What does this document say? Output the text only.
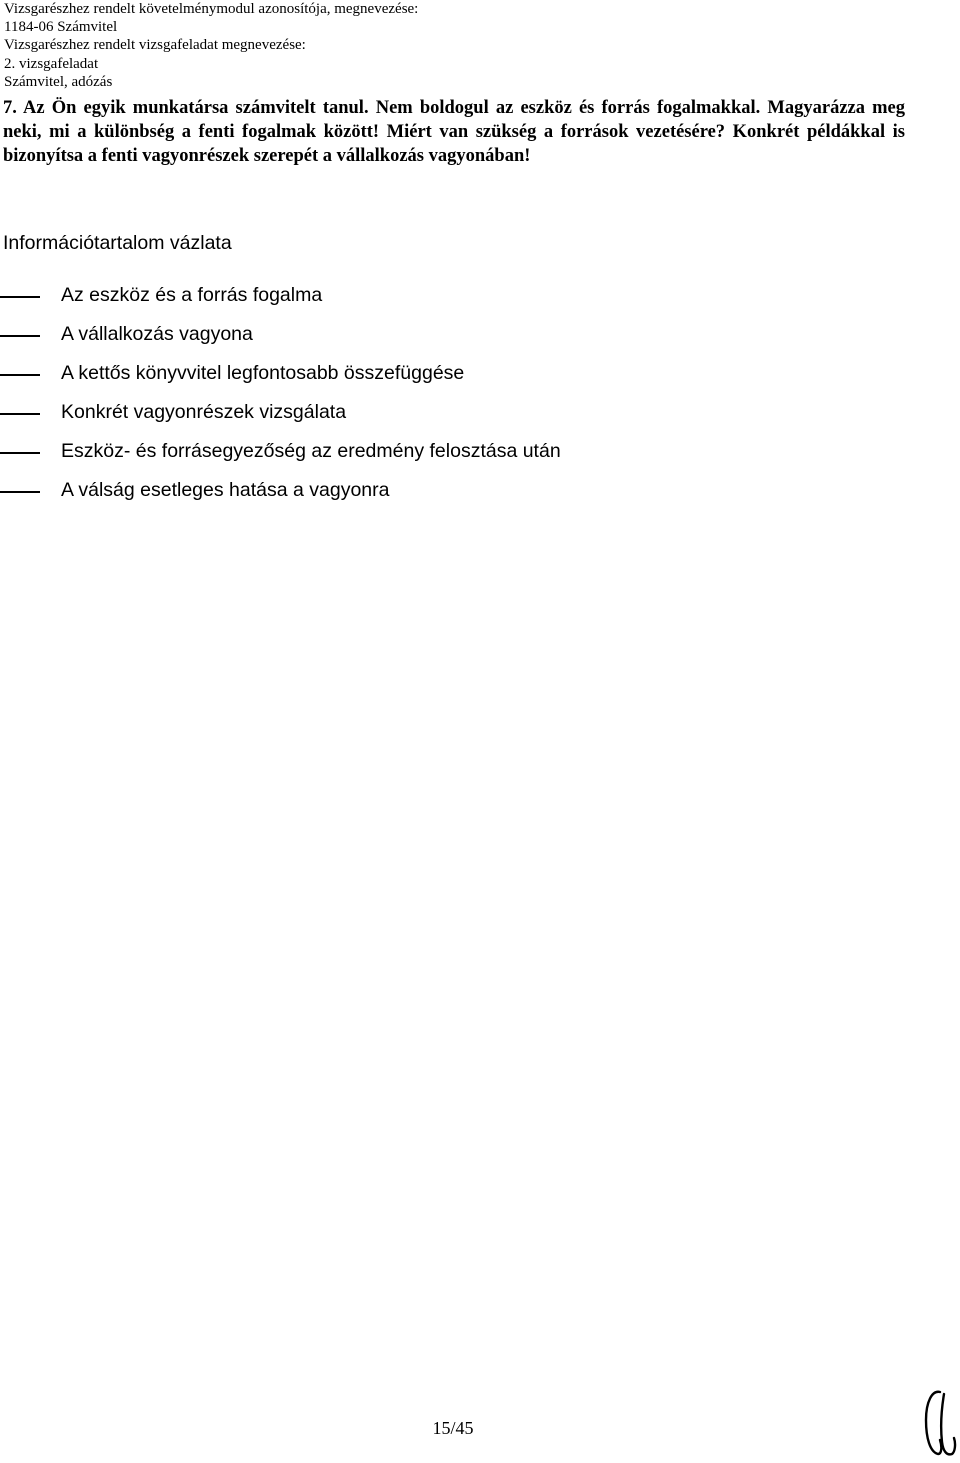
Vizsgarészhez rendelt követelménymodul azonosítója, megnevezése:
1184-06 Számvitel
Vizsgarészhez rendelt vizsgafeladat megnevezése:
2. vizsgafeladat
Számvitel, adózás
7. Az Ön egyik munkatársa számvitelt tanul. Nem boldogul az eszköz és forrás fogalmakkal. Magyarázza meg neki, mi a különbség a fenti fogalmak között! Miért van szükség a források vezetésére? Konkrét példákkal is bizonyítsa a fenti vagyonrészek szerepét a vállalkozás vagyonában!
Információtartalom vázlata
Az eszköz és a forrás fogalma
A vállalkozás vagyona
A kettős könyvvitel legfontosabb összefüggése
Konkrét vagyonrészek vizsgálata
Eszköz- és forrásegyezőség az eredmény felosztása után
A válság esetleges hatása a vagyonra
15/45
